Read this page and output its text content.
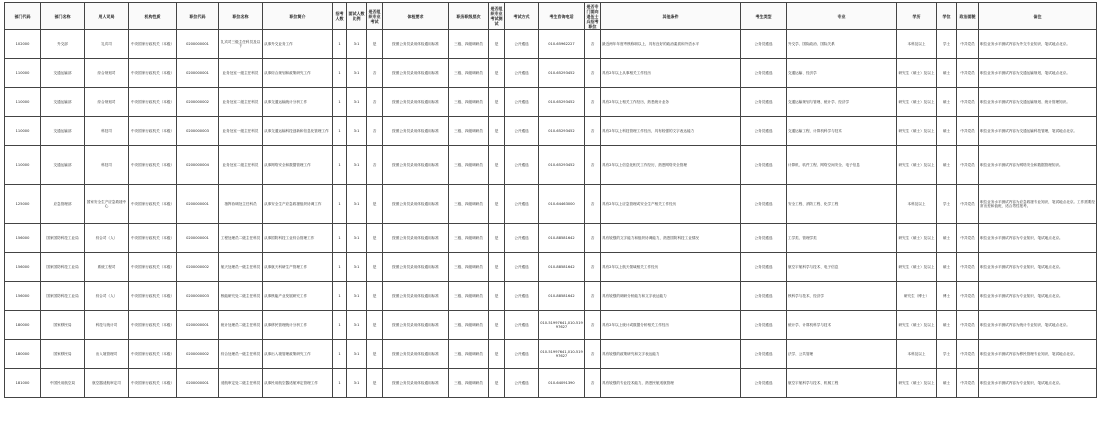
部门代码	部门名称	用人司局	机构性质	职位代码	职位名称	职位简介	招考人数	面试人数比例	是否组织专业考试	体检要求	职务职级层次	是否组织专业考试测试	考试方式	考生咨询电话	是否专门面向退伍士兵招考职位	其他条件	考生类型	专业	学历	学位	政治面貌	备注
102000	外交部	礼宾司	中央国家行政机关（本级）	0200000001	礼宾司三级主任科员及以下	从事外交业务工作	1	3:1	是	按照公务员录用体检通用标准	三级、四级调研员	是	公开遴选	010-65962227	否	最近两年年度考核称职以上，具有良好的政治素质和外语水平	公务员遴选	外交学、国际政治、国际关系	本科及以上	学士	中共党员	职位业务水平测试内容为外交专业知识，笔试地点北京。
110000	交通运输部	综合规划司	中央国家行政机关（本级）	0200000001	业务处室一级主任科员	从事综合规划和政策研究工作	1	3:1	否	按照公务员录用体检通用标准	三级、四级调研员	是	公开遴选	010-65293452	否	具有2年以上从事相关工作经历	公务员遴选	交通运输、经济学	研究生（硕士）及以上	硕士	中共党员	职位业务水平测试内容为交通运输规划，笔试地点北京。
110000	交通运输部	综合规划司	中央国家行政机关（本级）	0200000002	业务处室二级主任科员	从事交通运输统计分析工作	1	3:1	否	按照公务员录用体检通用标准	三级、四级调研员	是	公开遴选	010-65293452	否	具有2年以上相关工作经历，熟悉统计业务	公务员遴选	交通运输规划与管理、统计学、经济学	研究生（硕士）及以上	硕士	中共党员	职位业务水平测试内容为交通运输规划、统计管理知识。
110000	交通运输部	科技司	中央国家行政机关（本级）	0200000003	业务处室一级主任科员	从事交通运输科技创新和信息化管理工作	1	3:1	否	按照公务员录用体检通用标准	三级、四级调研员	是	公开遴选	010-65293452	否	具有2年以上科技管理工作经历，具有较强的文字表达能力	公务员遴选	交通运输工程、计算机科学与技术	研究生（硕士）及以上	硕士	中共党员	职位业务水平测试内容为交通运输科技管理，笔试地点北京。
110000	交通运输部	科技司	中央国家行政机关（本级）	0200000004	业务处室二级主任科员	从事网络安全和数据管理工作	1	3:1	否	按照公务员录用体检通用标准	三级、四级调研员	是	公开遴选	010-65293452	否	具有2年以上信息化相关工作经历，熟悉网络安全管理	公务员遴选	计算机、软件工程、网络空间安全、电子信息	研究生（硕士）及以上	硕士	中共党员	职位业务水平测试内容为网络安全和数据管理知识。
125000	应急管理部	国家安全生产应急救援中心	中央国家行政机关（本级）	0200000001	指挥协调处主任科员	从事安全生产应急救援组织协调工作	1	3:1	是	按照公务员录用体检通用标准	三级、四级调研员	是	公开遴选	010-64463000	否	具有2年以上应急管理或安全生产相关工作经历	公务员遴选	安全工程、消防工程、化学工程	本科及以上	学士	中共党员	职位业务水平测试内容为应急救援专业知识，笔试地点北京。工作需要经常出差和值班，适合男性报考。
156000	国家国防科技工业局	综合司（人）	中央国家行政机关（本级）	0200000001	工程处理员二级主任科员	从事国防科技工业综合管理工作	1	3:1	是	按照公务员录用体检通用标准	三级、四级调研员	是	公开遴选	010-88581642	否	具有较强的文字能力和组织协调能力，熟悉国防科技工业情况	公务员遴选	工学类、管理学类	研究生（硕士）及以上	硕士	中共党员	职位业务水平测试内容为专业知识，笔试地点北京。
156000	国家国防科技工业局	系统工程司	中央国家行政机关（本级）	0200000002	航天处理员一级主任科员	从事航天科研生产管理工作	1	3:1	是	按照公务员录用体检通用标准	三级、四级调研员	是	公开遴选	010-88581642	否	具有2年以上航天领域相关工作经历	公务员遴选	航空宇航科学与技术、电子信息	研究生（硕士）及以上	硕士	中共党员	职位业务水平测试内容为专业知识，笔试地点北京。
156000	国家国防科技工业局	综合司（人）	中央国家行政机关（本级）	0200000003	核能研究处二级主任科员	从事核能产业发展研究工作	1	3:1	是	按照公务员录用体检通用标准	三级、四级调研员	是	公开遴选	010-88581642	否	具有较强的调研分析能力和文字表达能力	公务员遴选	核科学与技术、经济学	研究生（博士）	博士	中共党员	职位业务水平测试内容为专业知识，笔试地点北京。
180000	国家移民局	科技与统计司	中央国家行政机关（本级）	0200000001	统计处理员二级主任科员	从事移民管理统计分析工作	1	3:1	是	按照公务员录用体检通用标准	三级、四级调研员	是	公开遴选	010-51997641,010-51997627	否	具有2年以上统计或数据分析相关工作经历	公务员遴选	统计学、计算机科学与技术	研究生（硕士）及以上	硕士	中共党员	职位业务水平测试内容为统计专业知识，笔试地点北京。
180000	国家移民局	出入境管理司	中央国家行政机关（本级）	0200000002	综合处理员一级主任科员	从事出入境管理政策研究工作	1	3:1	是	按照公务员录用体检通用标准	三级、四级调研员	是	公开遴选	010-51997641,010-51997627	否	具有较强的政策研究和文字表达能力	公务员遴选	法学、公共管理	本科及以上	学士	中共党员	职位业务水平测试内容为移民管理专业知识，笔试地点北京。
181000	中国民用航空局	航空器适航审定司	中央国家行政机关（本级）	0200000001	适航审定处二级主任科员	从事民用航空器适航审定管理工作	1	3:1	是	按照公务员录用体检通用标准	三级、四级调研员	是	公开遴选	010-64091390	否	具有较强的专业技术能力，熟悉民航适航管理	公务员遴选	航空宇航科学与技术、机械工程	研究生（硕士）及以上	硕士	中共党员	职位业务水平测试内容为专业知识，笔试地点北京。
